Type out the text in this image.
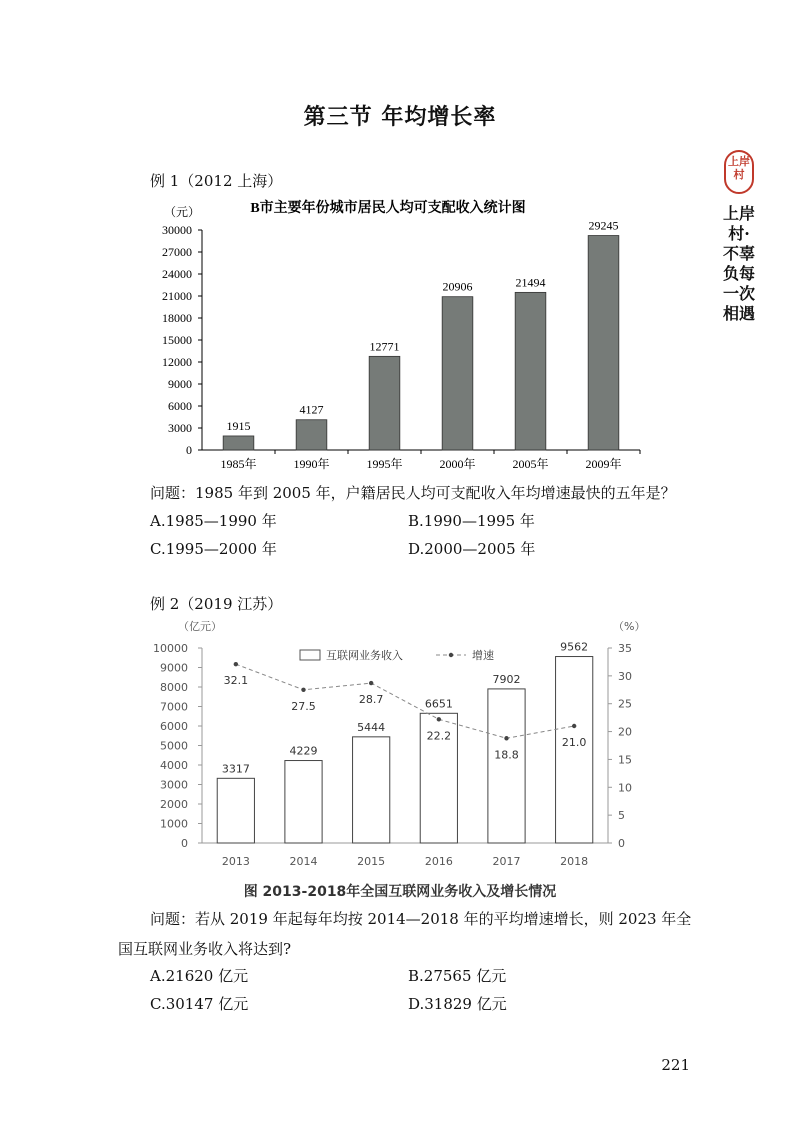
第三节 年均增长率
上岸村
上岸村·不辜负每一次相遇
例 1（2012 上海）
B市主要年份城市居民人均可支配收入统计图
（元）
0
3000
6000
9000
12000
15000
18000
21000
24000
27000
30000
1915
1985年
4127
1990年
12771
1995年
20906
2000年
21494
2005年
29245
2009年
问题：1985 年到 2005 年，户籍居民人均可支配收入年均增速最快的五年是？
A.1985—1990 年	B.1990—1995 年
C.1995—2000 年	D.2000—2005 年
例 2（2019 江苏）
（亿元）	（%）
0
1000
2000
3000
4000
5000
6000
7000
8000
9000
10000
0
5
10
15
20
25
30
35
3317
2013
4229
2014
5444
2015
6651
2016
7902
2017
9562
2018
32.1
27.5
28.7
22.2
18.8
21.0
互联网业务收入	增速
图 2013-2018年全国互联网业务收入及增长情况
问题：若从 2019 年起每年均按 2014—2018 年的平均增速增长，则 2023 年全
国互联网业务收入将达到?
A.21620 亿元	B.27565 亿元
C.30147 亿元	D.31829 亿元
221
